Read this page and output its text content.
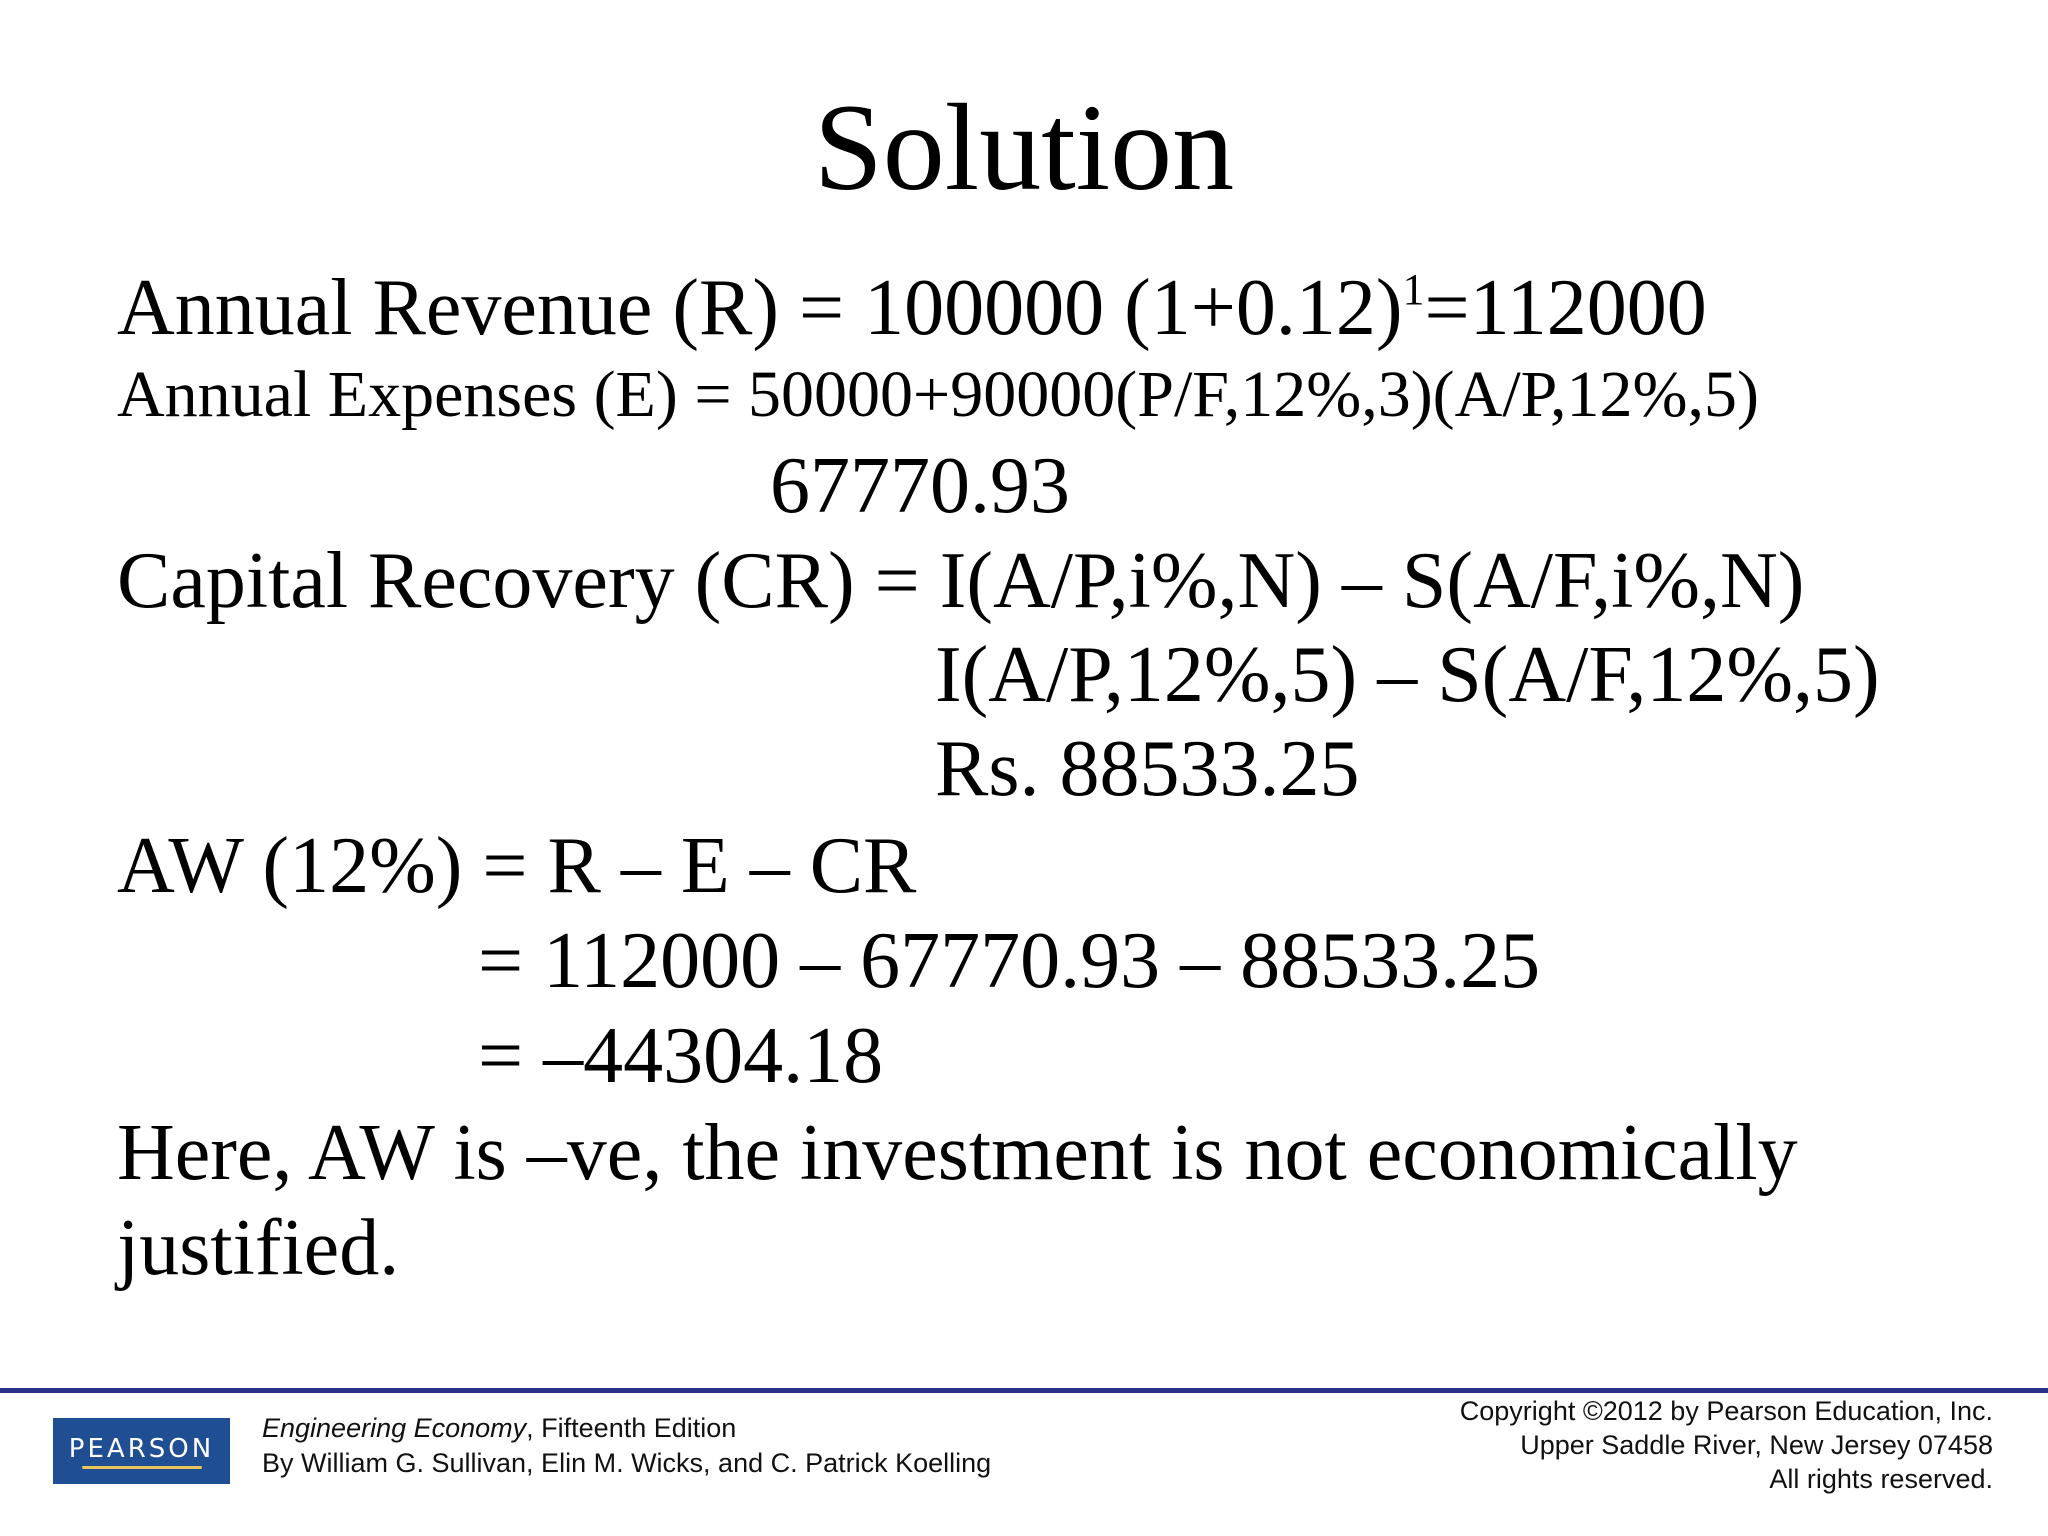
Solution
Annual Revenue (R) = 100000 $(1+0.12)^1=112000$
Annual Expenses (E) = 50000+90000(P/F,12%,3)(A/P,12%,5)
67770.93
Capital Recovery (CR) = I(A/P,i%,N) – S(A/F,i%,N)
I(A/P,12%,5) – S(A/F,12%,5)
Rs. 88533.25
AW (12%) = R – E – CR
= 112000 – 67770.93 – 88533.25
= –44304.18
Here, AW is –ve, the investment is not economically
justified.
PEARSON
Engineering Economy, Fifteenth Edition
By William G. Sullivan, Elin M. Wicks, and C. Patrick Koelling
Copyright ©2012 by Pearson Education, Inc.
Upper Saddle River, New Jersey 07458
All rights reserved.
